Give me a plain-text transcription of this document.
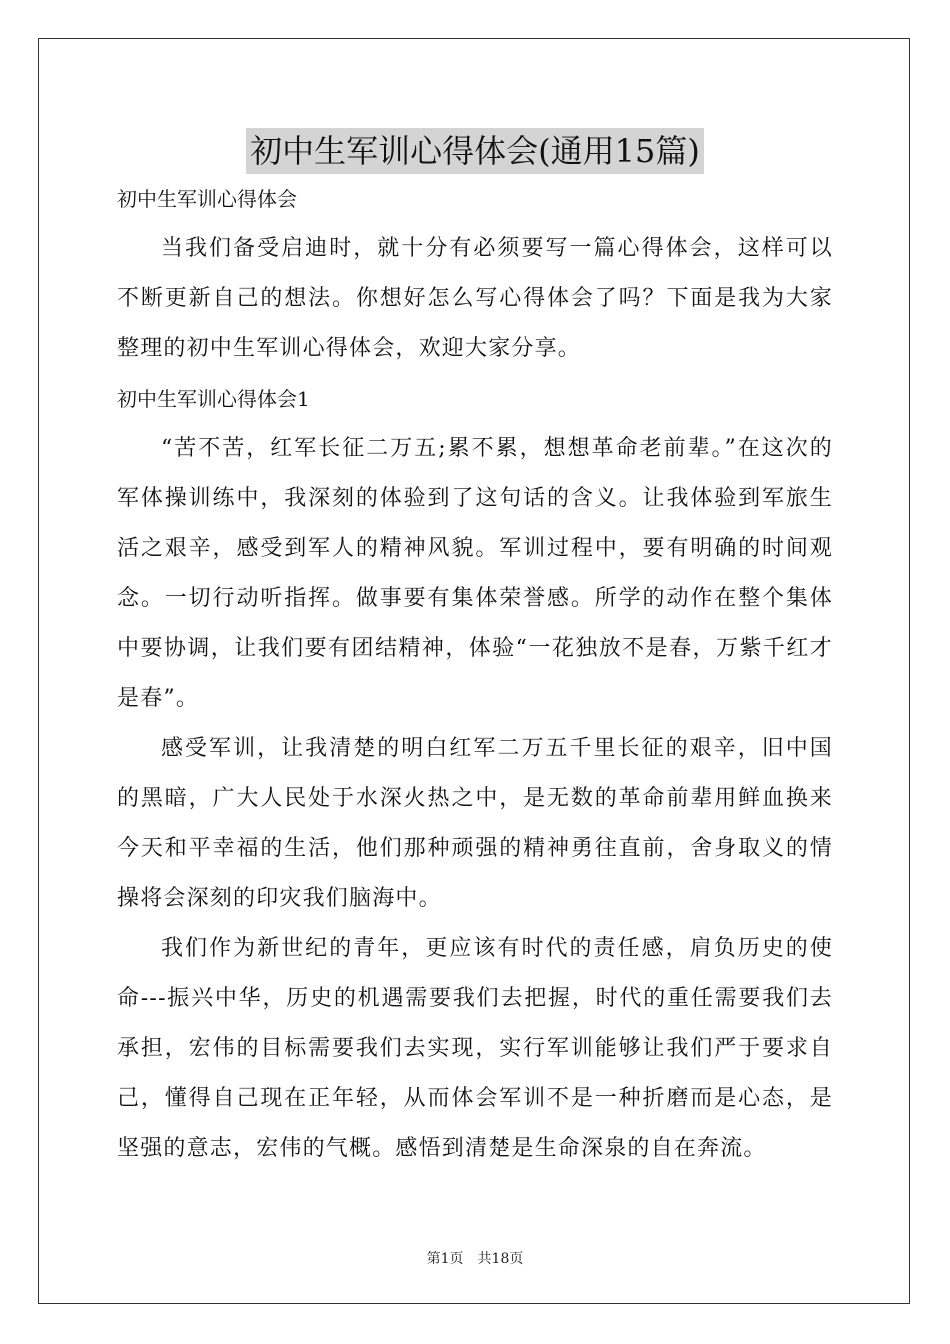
初中生军训心得体会(通用15篇)

初中生军训心得体会

当我们备受启迪时，就十分有必须要写一篇心得体会，这样可以不断更新自己的想法。你想好怎么写心得体会了吗？下面是我为大家整理的初中生军训心得体会，欢迎大家分享。

初中生军训心得体会1

“苦不苦，红军长征二万五;累不累，想想革命老前辈。”在这次的军体操训练中，我深刻的体验到了这句话的含义。让我体验到军旅生活之艰辛，感受到军人的精神风貌。军训过程中，要有明确的时间观念。一切行动听指挥。做事要有集体荣誉感。所学的动作在整个集体中要协调，让我们要有团结精神，体验“一花独放不是春，万紫千红才是春”。

感受军训，让我清楚的明白红军二万五千里长征的艰辛，旧中国的黑暗，广大人民处于水深火热之中，是无数的革命前辈用鲜血换来今天和平幸福的生活，他们那种顽强的精神勇往直前，舍身取义的情操将会深刻的印灾我们脑海中。

我们作为新世纪的青年，更应该有时代的责任感，肩负历史的使命---振兴中华，历史的机遇需要我们去把握，时代的重任需要我们去承担，宏伟的目标需要我们去实现，实行军训能够让我们严于要求自己，懂得自己现在正年轻，从而体会军训不是一种折磨而是心态，是坚强的意志，宏伟的气概。感悟到清楚是生命深泉的自在奔流。

第1页　共18页
